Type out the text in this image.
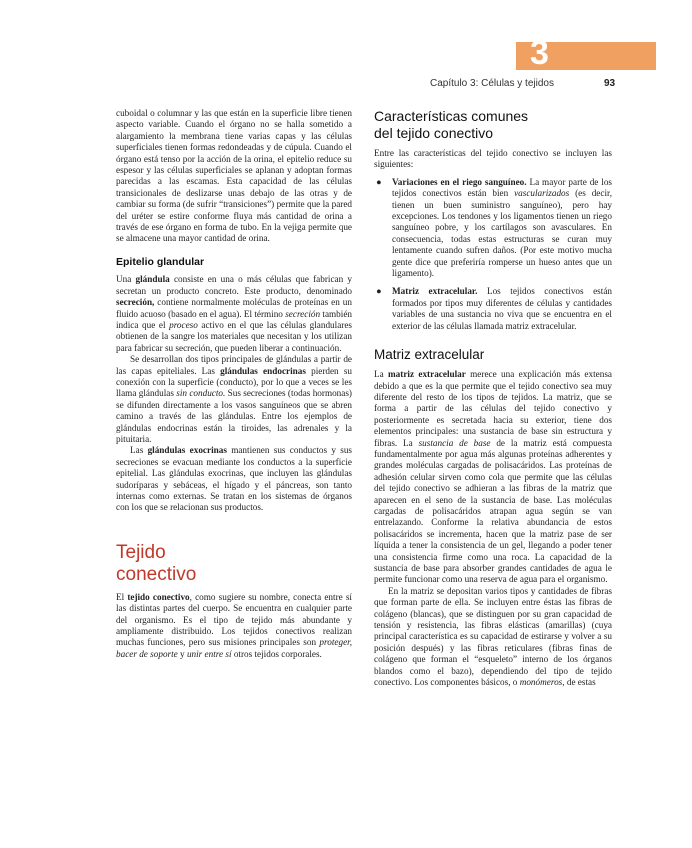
3
Capítulo 3: Células y tejidos	93

cuboidal o columnar y las que están en la superficie libre tienen aspecto variable. Cuando el órgano no se halla sometido a alargamiento la membrana tiene varias capas y las células superficiales tienen formas redondeadas y de cúpula. Cuando el órgano está tenso por la acción de la orina, el epitelio reduce su espesor y las células superficiales se aplanan y adoptan formas parecidas a las escamas. Esta capacidad de las células transicionales de deslizarse unas debajo de las otras y de cambiar su forma (de sufrir “transiciones”) permite que la pared del uréter se estire conforme fluya más cantidad de orina a través de ese órgano en forma de tubo. En la vejiga permite que se almacene una mayor cantidad de orina.

Epitelio glandular

Una glándula consiste en una o más células que fabrican y secretan un producto concreto. Este producto, denominado secreción, contiene normalmente moléculas de proteínas en un fluido acuoso (basado en el agua). El término secreción también indica que el proceso activo en el que las células glandulares obtienen de la sangre los materiales que necesitan y los utilizan para fabricar su secreción, que pueden liberar a continuación.

Se desarrollan dos tipos principales de glándulas a partir de las capas epiteliales. Las glándulas endocrinas pierden su conexión con la superficie (conducto), por lo que a veces se les llama glándulas sin conducto. Sus secreciones (todas hormonas) se difunden directamente a los vasos sanguíneos que se abren camino a través de las glándulas. Entre los ejemplos de glándulas endocrinas están la tiroides, las adrenales y la pituitaria.

Las glándulas exocrinas mantienen sus conductos y sus secreciones se evacuan mediante los conductos a la superficie epitelial. Las glándulas exocrinas, que incluyen las glándulas sudoríparas y sebáceas, el hígado y el páncreas, son tanto internas como externas. Se tratan en los sistemas de órganos con los que se relacionan sus productos.

Tejido
conectivo

El tejido conectivo, como sugiere su nombre, conecta entre sí las distintas partes del cuerpo. Se encuentra en cualquier parte del organismo. Es el tipo de tejido más abundante y ampliamente distribuido. Los tejidos conectivos realizan muchas funciones, pero sus misiones principales son proteger, bacer de soporte y unir entre sí otros tejidos corporales.

Características comunes
del tejido conectivo

Entre las características del tejido conectivo se incluyen las siguientes:

● Variaciones en el riego sanguíneo. La mayor parte de los tejidos conectivos están bien vascularizados (es decir, tienen un buen suministro sanguíneo), pero hay excepciones. Los tendones y los ligamentos tienen un riego sanguíneo pobre, y los cartílagos son avasculares. En consecuencia, todas estas estructuras se curan muy lentamente cuando sufren daños. (Por este motivo mucha gente dice que preferiría romperse un hueso antes que un ligamento).
● Matriz extracelular. Los tejidos conectivos están formados por tipos muy diferentes de células y cantidades variables de una sustancia no viva que se encuentra en el exterior de las células llamada matriz extracelular.
Matriz extracelular

La matriz extracelular merece una explicación más extensa debido a que es la que permite que el tejido conectivo sea muy diferente del resto de los tipos de tejidos. La matriz, que se forma a partir de las células del tejido conectivo y posteriormente es secretada hacia su exterior, tiene dos elementos principales: una sustancia de base sin estructura y fibras. La sustancia de base de la matriz está compuesta fundamentalmente por agua más algunas proteínas adherentes y grandes moléculas cargadas de polisacáridos. Las proteínas de adhesión celular sirven como cola que permite que las células del tejido conectivo se adhieran a las fibras de la matriz que aparecen en el seno de la sustancia de base. Las moléculas cargadas de polisacáridos atrapan agua según se van entrelazando. Conforme la relativa abundancia de estos polisacáridos se incrementa, hacen que la matriz pase de ser líquida a tener la consistencia de un gel, llegando a poder tener una consistencia firme como una roca. La capacidad de la sustancia de base para absorber grandes cantidades de agua le permite funcionar como una reserva de agua para el organismo.

En la matriz se depositan varios tipos y cantidades de fibras que forman parte de ella. Se incluyen entre éstas las fibras de colágeno (blancas), que se distinguen por su gran capacidad de tensión y resistencia, las fibras elásticas (amarillas) (cuya principal característica es su capacidad de estirarse y volver a su posición después) y las fibras reticulares (fibras finas de colágeno que forman el “esqueleto” interno de los órganos blandos como el bazo), dependiendo del tipo de tejido conectivo. Los componentes básicos, o monómeros, de estas
